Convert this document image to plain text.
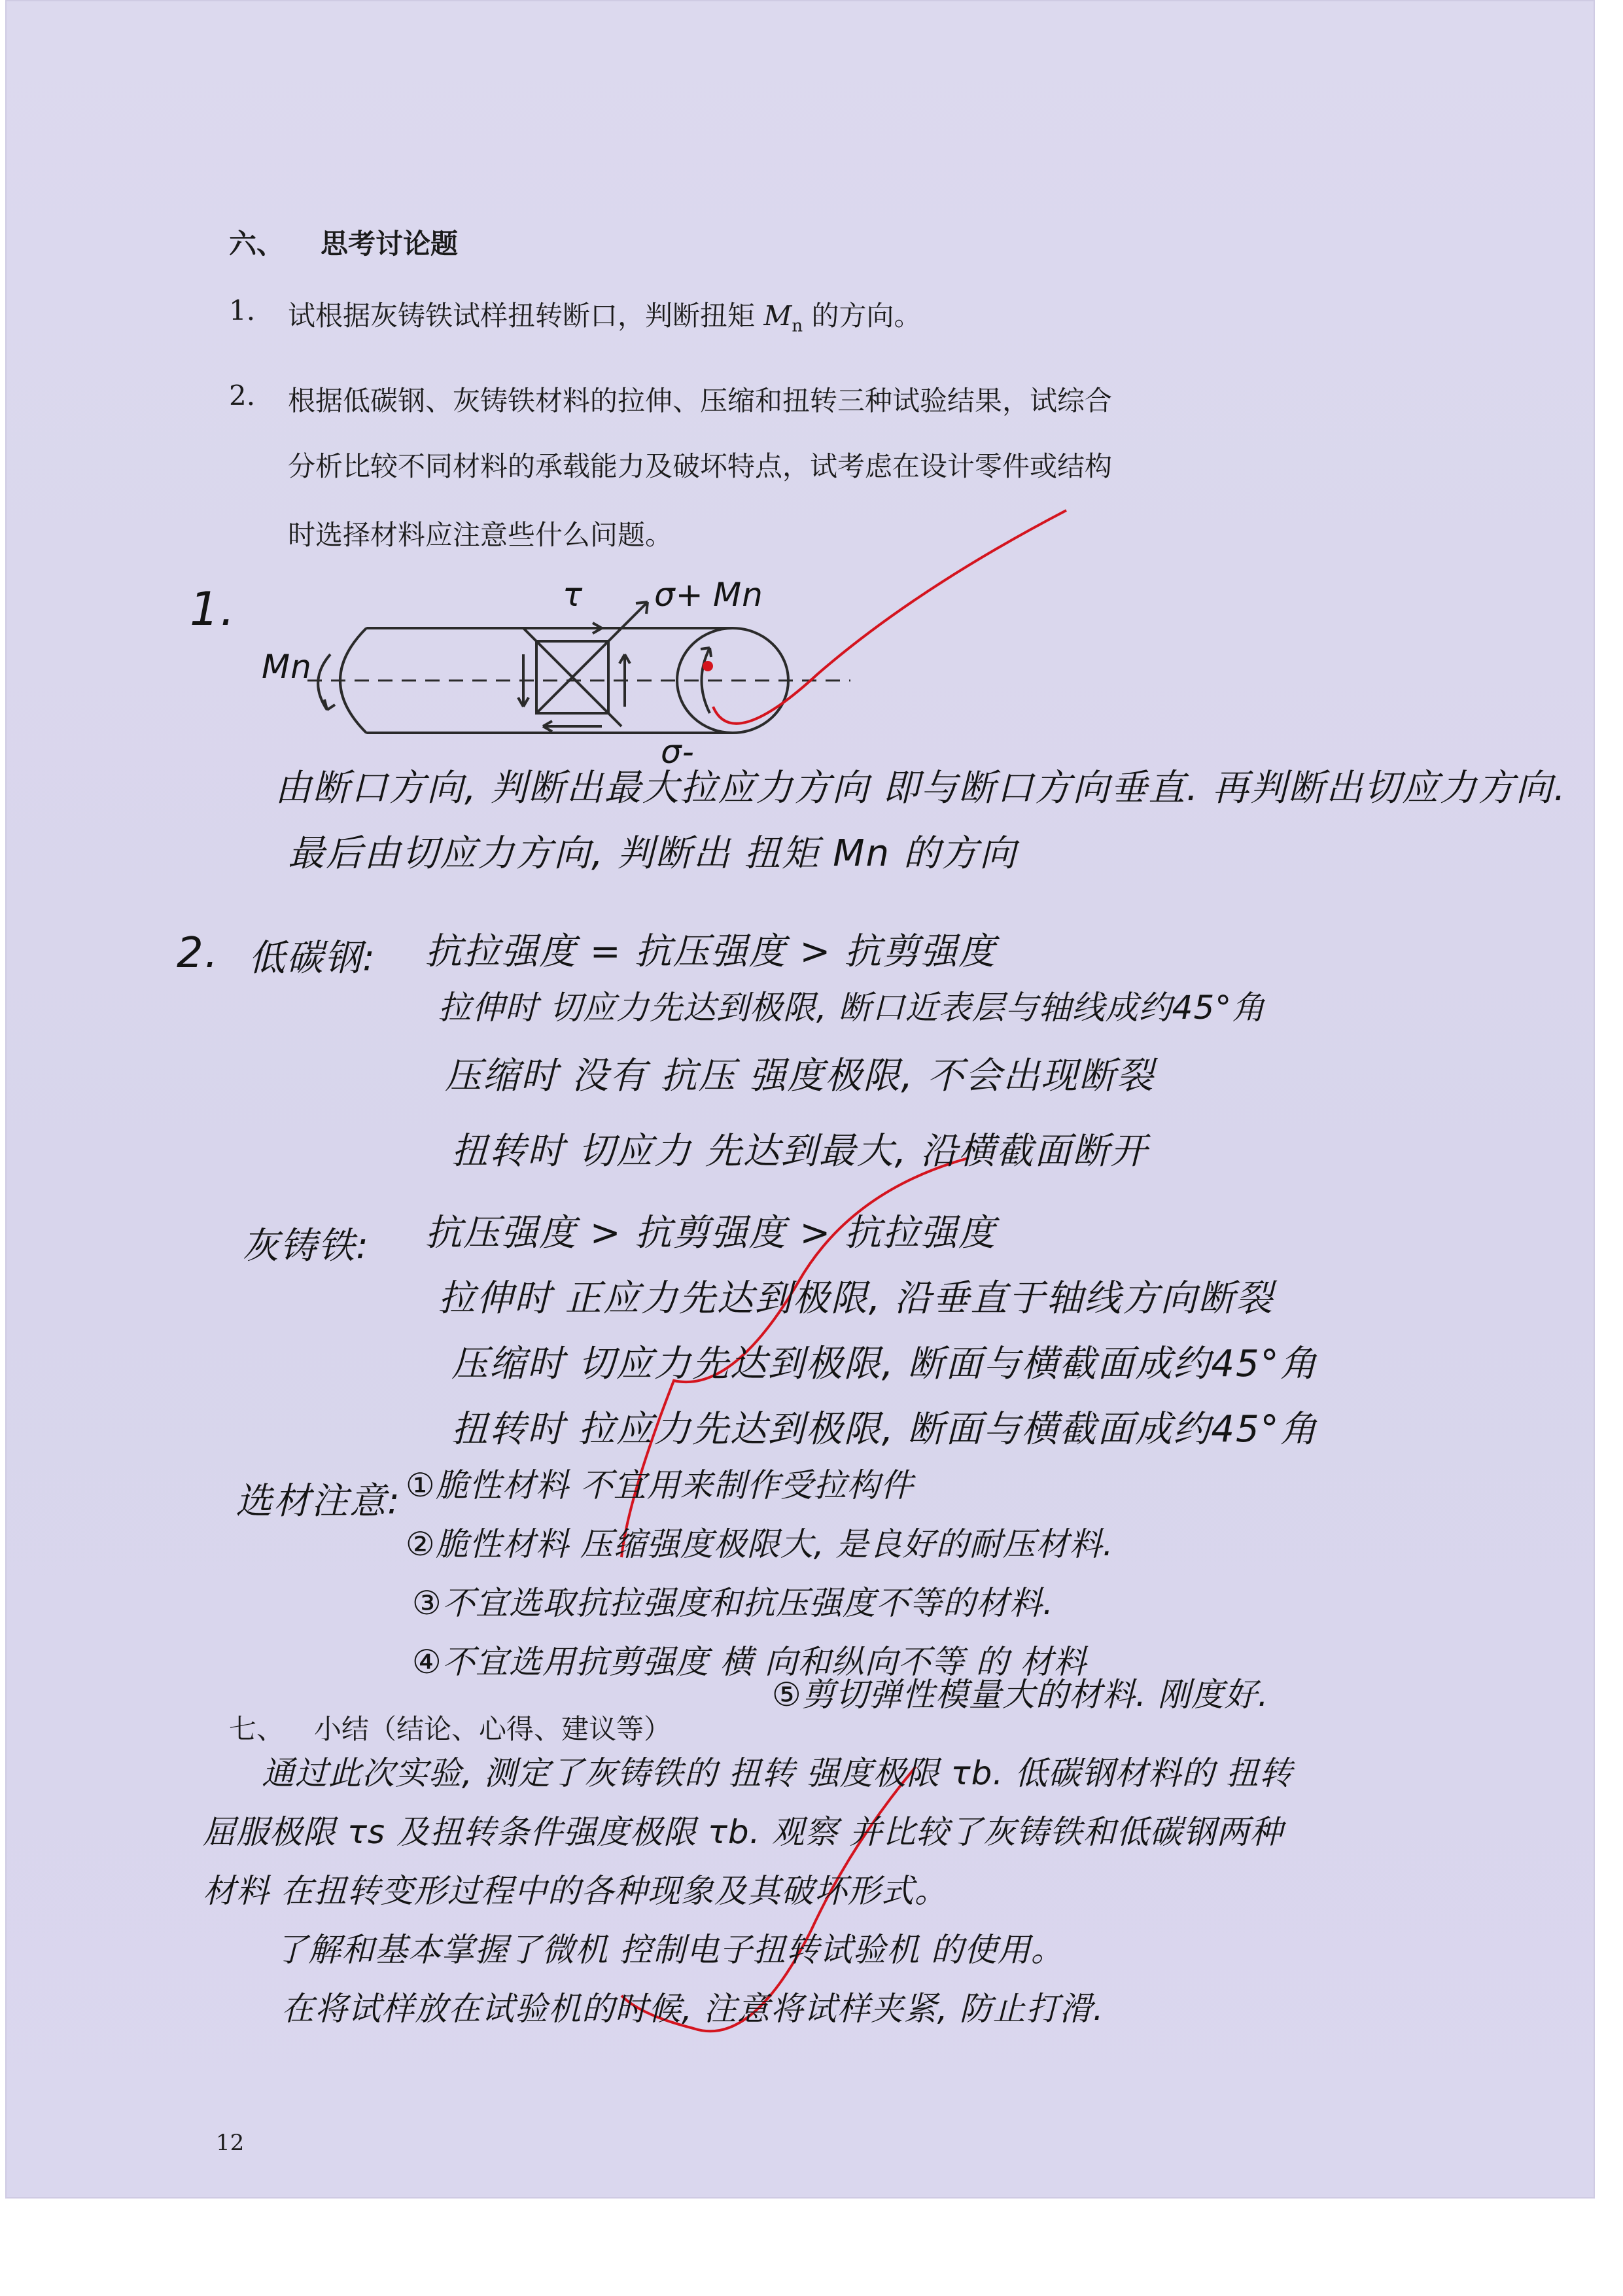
六、 思考讨论题
1. 试根据灰铸铁试样扭转断口，判断扭矩 $M_n$ 的方向。
2. 根据低碳钢、灰铸铁材料的拉伸、压缩和扭转三种试验结果，试综合
分析比较不同材料的承载能力及破坏特点，试考虑在设计零件或结构
时选择材料应注意些什么问题。
1.
Mn
Mn
σ+
σ-
τ
由断口方向, 判断出最大拉应力方向 即与断口方向垂直. 再判断出切应力方向.
最后由切应力方向, 判断出 扭矩 Mn 的方向
2. 低碳钢: 抗拉强度 = 抗压强度 > 抗剪强度
拉伸时 切应力先达到极限, 断口近表层与轴线成约45°角
压缩时 没有 抗压 强度极限, 不会出现断裂
扭转时 切应力 先达到最大, 沿横截面断开
灰铸铁: 抗压强度 > 抗剪强度 > 抗拉强度
拉伸时 正应力先达到极限, 沿垂直于轴线方向断裂
压缩时 切应力先达到极限, 断面与横截面成约45°角
扭转时 拉应力先达到极限, 断面与横截面成约45°角
选材注意: ①脆性材料 不宜用来制作受拉构件
②脆性材料 压缩强度极限大, 是良好的耐压材料.
③不宜选取抗拉强度和抗压强度不等的材料.
④不宜选用抗剪强度 横 向和纵向不等 的 材料
⑤剪切弹性模量大的材料. 刚度好.
七、 小结（结论、心得、建议等）
通过此次实验, 测定了灰铸铁的 扭转 强度极限 τb. 低碳钢材料的 扭转
屈服极限 τs 及扭转条件强度极限 τb. 观察 并比较了灰铸铁和低碳钢两种
材料 在扭转变形过程中的各种现象及其破坏形式。
了解和基本掌握了微机 控制电子扭转试验机 的使用。
在将试样放在试验机的时候, 注意将试样夹紧, 防止打滑.
12
